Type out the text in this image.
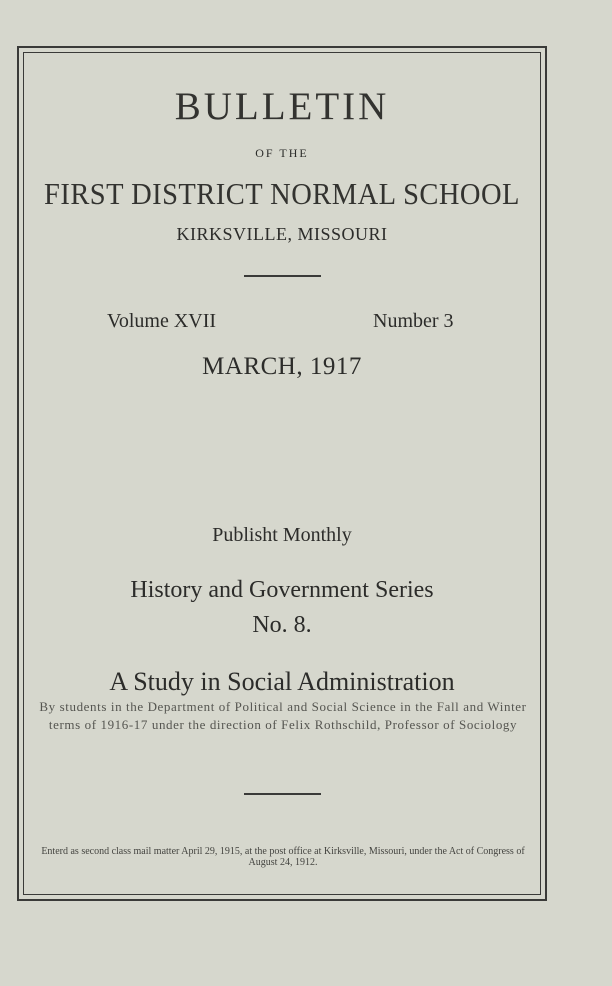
BULLETIN
OF THE
FIRST DISTRICT NORMAL SCHOOL
KIRKSVILLE, MISSOURI
Volume XVII	Number 3
MARCH, 1917
Publisht Monthly
History and Government Series
No. 8.
A Study in Social Administration
By students in the Department of Political and Social Science in the Fall and Winter terms of 1916-17 under the direction of Felix Rothschild, Professor of Sociology
Enterd as second class mail matter April 29, 1915, at the post office at Kirksville, Missouri, under the Act of Congress of August 24, 1912.
